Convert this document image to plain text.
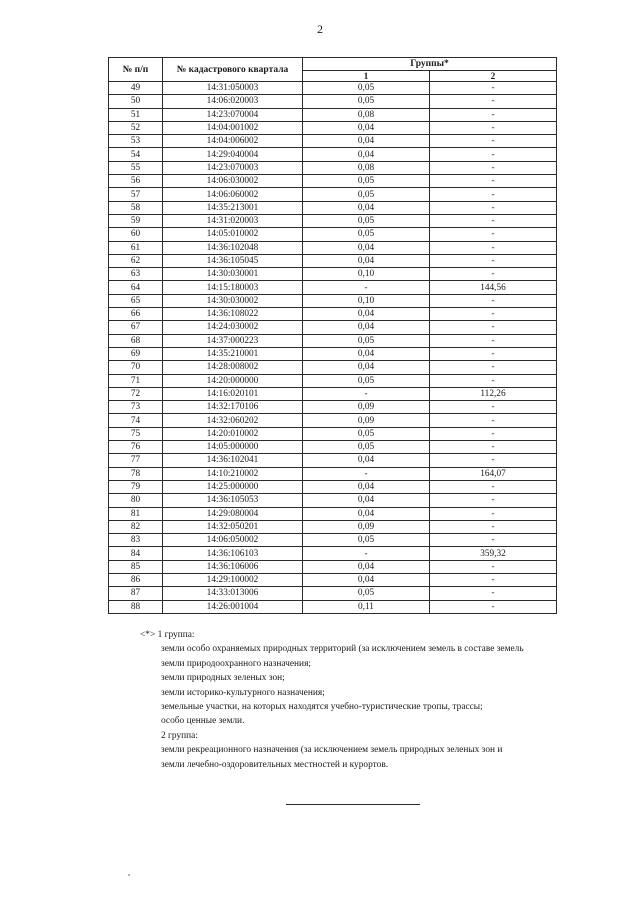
2
№ п/п	№ кадастрового квартала	Группы*	
		1	2
49	14:31:050003	0,05	-
50	14:06:020003	0,05	-
51	14:23:070004	0,08	-
52	14:04:001002	0,04	-
53	14:04:006002	0,04	-
54	14:29:040004	0,04	-
55	14:23:070003	0,08	-
56	14:06:030002	0,05	-
57	14:06:060002	0,05	-
58	14:35:213001	0,04	-
59	14:31:020003	0,05	-
60	14:05:010002	0,05	-
61	14:36:102048	0,04	-
62	14:36:105045	0,04	-
63	14:30:030001	0,10	-
64	14:15:180003	-	144,56
65	14:30:030002	0,10	-
66	14:36:108022	0,04	-
67	14:24:030002	0,04	-
68	14:37:000223	0,05	-
69	14:35:210001	0,04	-
70	14:28:008002	0,04	-
71	14:20:000000	0,05	-
72	14:16:020101	-	112,26
73	14:32:170106	0,09	-
74	14:32:060202	0,09	-
75	14:20:010002	0,05	-
76	14:05:000000	0,05	-
77	14:36:102041	0,04	-
78	14:10:210002	-	164,07
79	14:25:000000	0,04	-
80	14:36:105053	0,04	-
81	14:29:080004	0,04	-
82	14:32:050201	0,09	-
83	14:06:050002	0,05	-
84	14:36:106103	-	359,32
85	14:36:106006	0,04	-
86	14:29:100002	0,04	-
87	14:33:013006	0,05	-
88	14:26:001004	0,11	-
<*> 1 группа:
земли особо охраняемых природных территорий (за исключением земель в составе земель
земли природоохранного назначения;
земли природных зеленых зон;
земли историко-культурного назначения;
земельные участки, на которых находятся учебно-туристические тропы, трассы;
особо ценные земли.
2 группа:
земли рекреационного назначения (за исключением земель природных зеленых зон и
земли лечебно-оздоровительных местностей и курортов.
